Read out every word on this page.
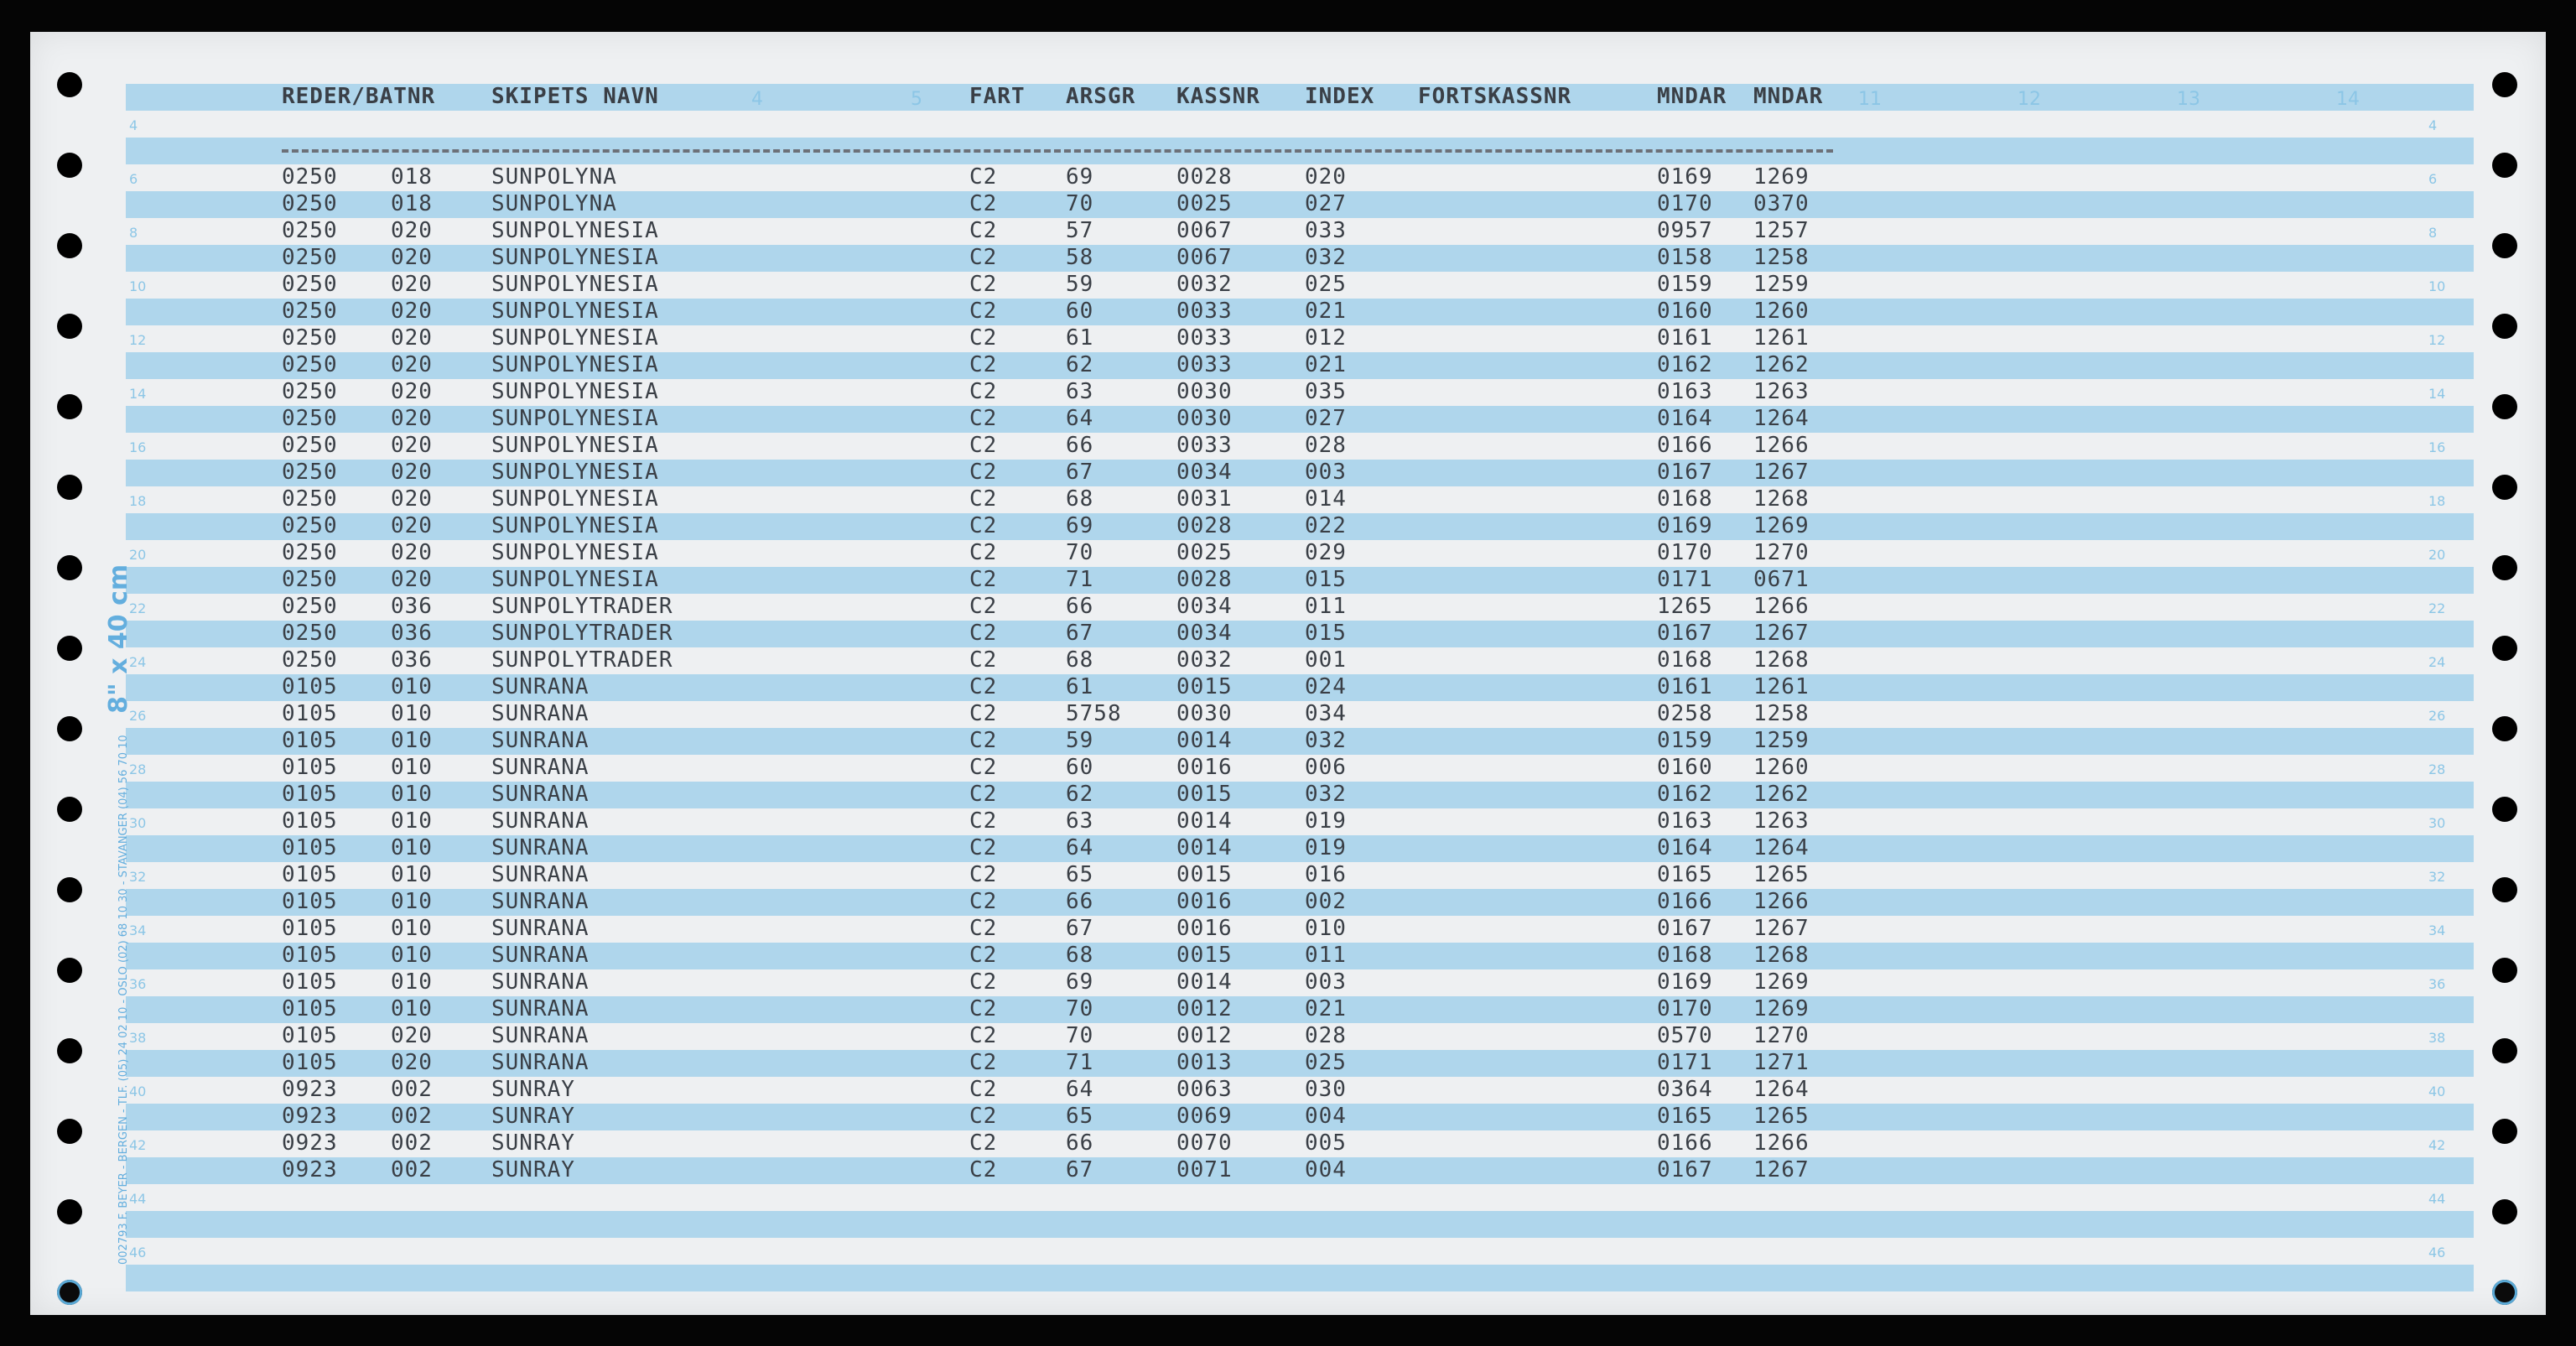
4	4
6	6
8	8
10	10
12	12
14	14
16	16
18	18
20	20
22	22
24	24
26	26
28	28
30	30
32	32
34	34
36	36
38	38
40	40
42	42
44	44
46	46
4	5	11	12	13	14
002793 F. BEYER - BERGEN - TLF. (05) 24 02 10 - OSLO (02) 68 10 30 - STAVANGER (04) 56 70 10     8" x 40 cm
REDER/BATNR	SKIPETS NAVN	FART ARSGR KASSNR INDEX FORTSKASSNR	MNDAR MNDAR
0250 018	SUNPOLYNA	C2	69	0028	020	0169 1269
0250 018	SUNPOLYNA	C2	70	0025	027	0170 0370
0250 020	SUNPOLYNESIA	C2	57	0067	033	0957 1257
0250 020	SUNPOLYNESIA	C2	58	0067	032	0158 1258
0250 020	SUNPOLYNESIA	C2	59	0032	025	0159 1259
0250 020	SUNPOLYNESIA	C2	60	0033	021	0160 1260
0250 020	SUNPOLYNESIA	C2	61	0033	012	0161 1261
0250 020	SUNPOLYNESIA	C2	62	0033	021	0162 1262
0250 020	SUNPOLYNESIA	C2	63	0030	035	0163 1263
0250 020	SUNPOLYNESIA	C2	64	0030	027	0164 1264
0250 020	SUNPOLYNESIA	C2	66	0033	028	0166 1266
0250 020	SUNPOLYNESIA	C2	67	0034	003	0167 1267
0250 020	SUNPOLYNESIA	C2	68	0031	014	0168 1268
0250 020	SUNPOLYNESIA	C2	69	0028	022	0169 1269
0250 020	SUNPOLYNESIA	C2	70	0025	029	0170 1270
0250 020	SUNPOLYNESIA	C2	71	0028	015	0171 0671
0250 036	SUNPOLYTRADER	C2	66	0034	011	1265 1266
0250 036	SUNPOLYTRADER	C2	67	0034	015	0167 1267
0250 036	SUNPOLYTRADER	C2	68	0032	001	0168 1268
0105 010	SUNRANA	C2	61	0015	024	0161 1261
0105 010	SUNRANA	C2	5758	0030	034	0258 1258
0105 010	SUNRANA	C2	59	0014	032	0159 1259
0105 010	SUNRANA	C2	60	0016	006	0160 1260
0105 010	SUNRANA	C2	62	0015	032	0162 1262
0105 010	SUNRANA	C2	63	0014	019	0163 1263
0105 010	SUNRANA	C2	64	0014	019	0164 1264
0105 010	SUNRANA	C2	65	0015	016	0165 1265
0105 010	SUNRANA	C2	66	0016	002	0166 1266
0105 010	SUNRANA	C2	67	0016	010	0167 1267
0105 010	SUNRANA	C2	68	0015	011	0168 1268
0105 010	SUNRANA	C2	69	0014	003	0169 1269
0105 010	SUNRANA	C2	70	0012	021	0170 1269
0105 020	SUNRANA	C2	70	0012	028	0570 1270
0105 020	SUNRANA	C2	71	0013	025	0171 1271
0923 002	SUNRAY	C2	64	0063	030	0364 1264
0923 002	SUNRAY	C2	65	0069	004	0165 1265
0923 002	SUNRAY	C2	66	0070	005	0166 1266
0923 002	SUNRAY	C2	67	0071	004	0167 1267
